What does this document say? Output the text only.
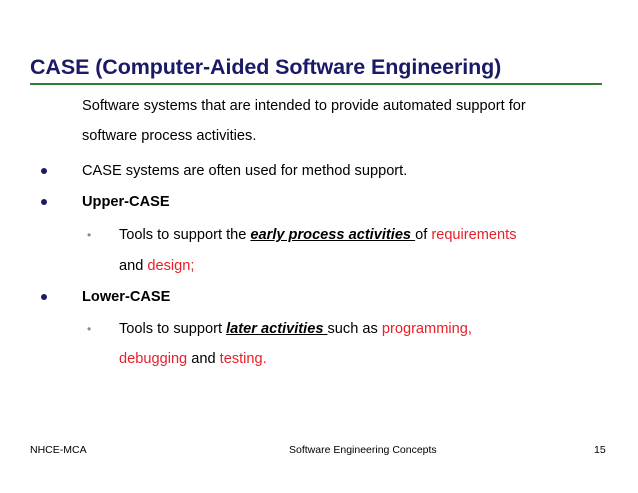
CASE (Computer-Aided Software Engineering)
Software systems that are intended to provide automated support for
software process activities.
CASE systems are often used for method support.
Upper-CASE
• Tools to support the early process activities of requirements
and design;
Lower-CASE
• Tools to support later activities such as programming,
debugging and testing.
NHCE-MCA	Software Engineering Concepts	15
